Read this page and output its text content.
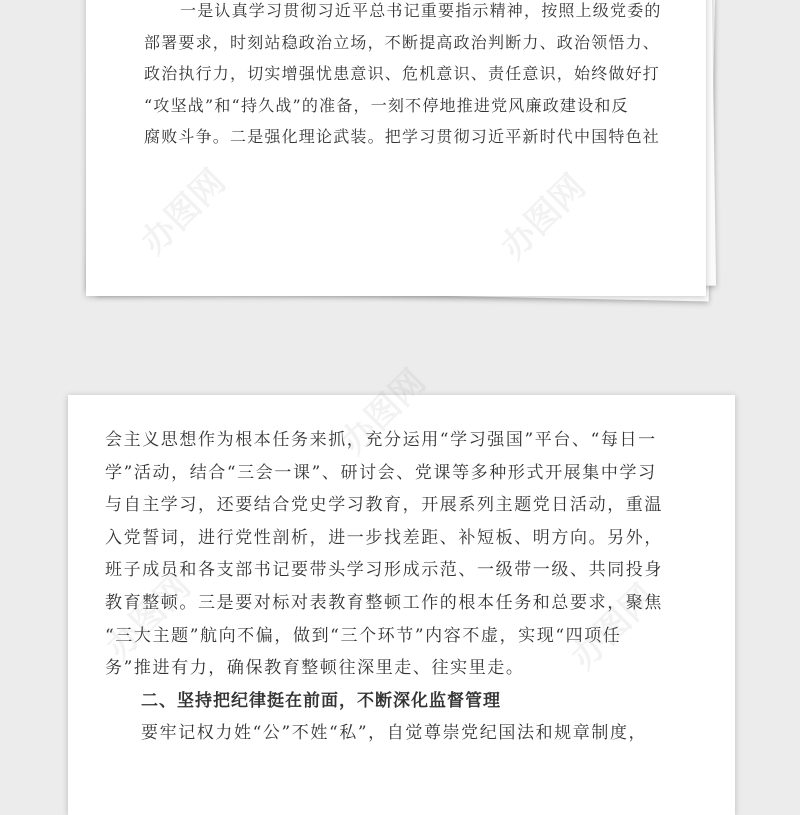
一是认真学习贯彻习近平总书记重要指示精神，按照上级党委的
部署要求，时刻站稳政治立场，不断提高政治判断力、政治领悟力、
政治执行力，切实增强忧患意识、危机意识、责任意识，始终做好打
“攻坚战”和“持久战”的准备，一刻不停地推进党风廉政建设和反
腐败斗争。二是强化理论武装。把学习贯彻习近平新时代中国特色社
会主义思想作为根本任务来抓，充分运用“学习强国”平台、“每日一
学”活动，结合“三会一课”、研讨会、党课等多种形式开展集中学习
与自主学习，还要结合党史学习教育，开展系列主题党日活动，重温
入党誓词，进行党性剖析，进一步找差距、补短板、明方向。另外，
班子成员和各支部书记要带头学习形成示范、一级带一级、共同投身
教育整顿。三是要对标对表教育整顿工作的根本任务和总要求，聚焦
“三大主题”航向不偏，做到“三个环节”内容不虚，实现“四项任
务”推进有力，确保教育整顿往深里走、往实里走。
二、坚持把纪律挺在前面，不断深化监督管理
要牢记权力姓“公”不姓“私”，自觉尊崇党纪国法和规章制度，
